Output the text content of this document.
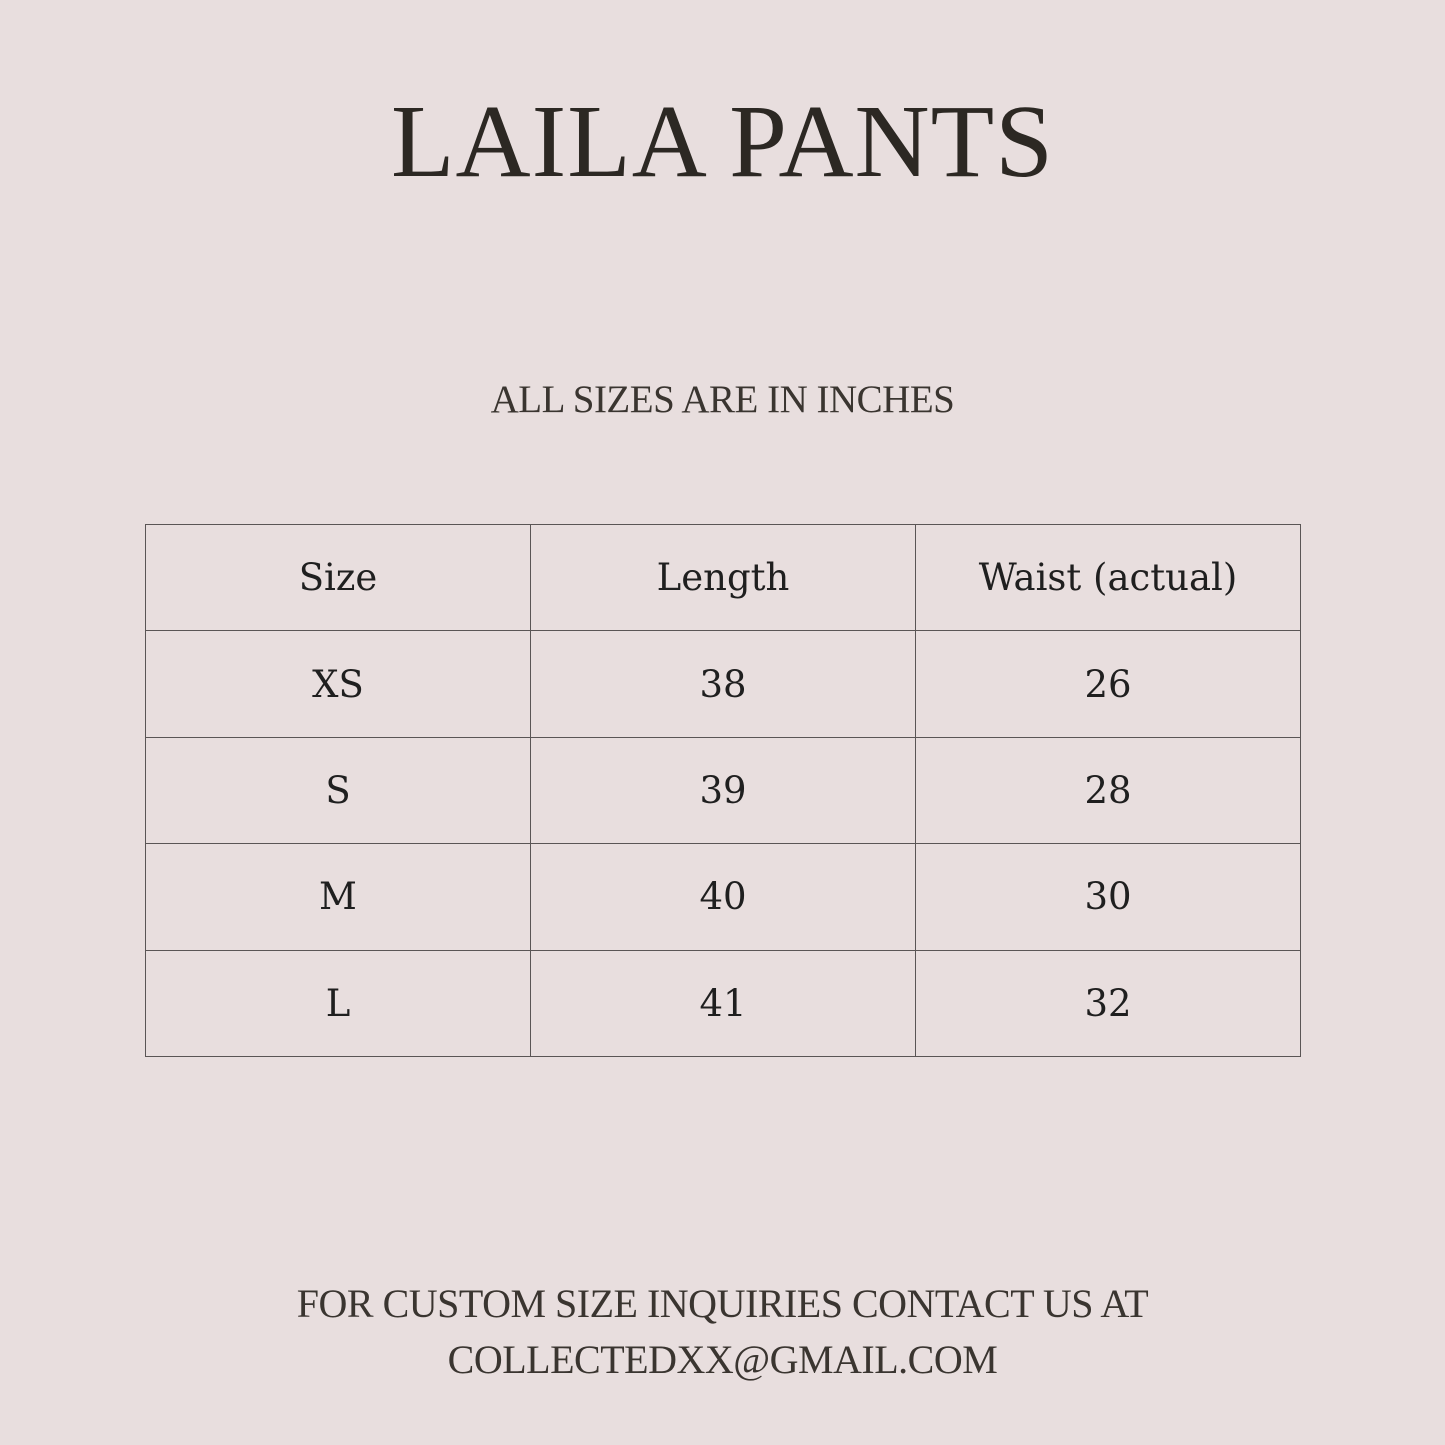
LAILA PANTS
ALL SIZES ARE IN INCHES
Size	Length	Waist (actual)
XS	38	26
S	39	28
M	40	30
L	41	32
FOR CUSTOM SIZE INQUIRIES CONTACT US AT
COLLECTEDXX@GMAIL.COM
